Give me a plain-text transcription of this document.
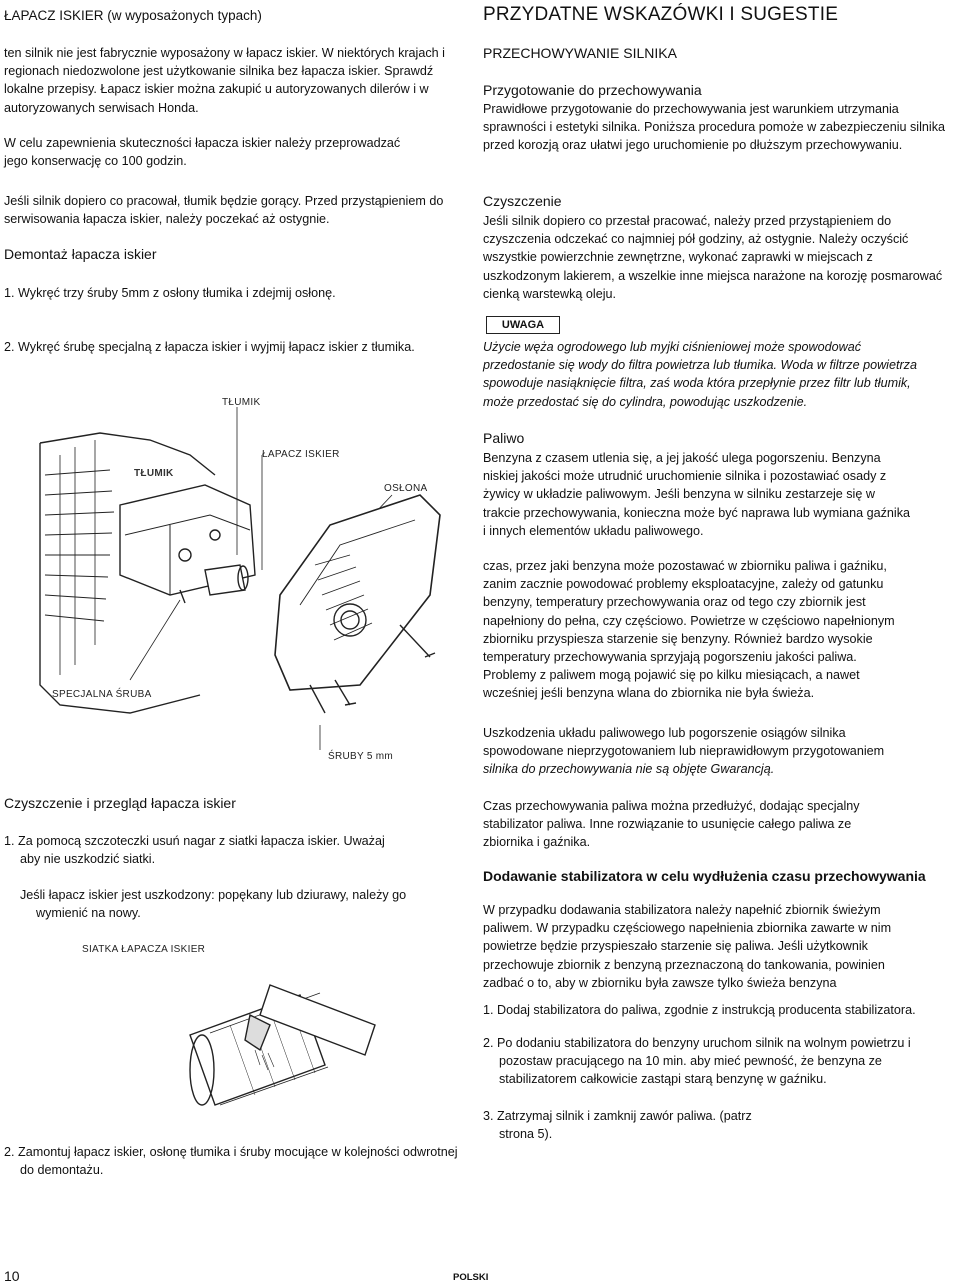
ŁAPACZ ISKIER (w wyposażonych typach)
ten silnik nie jest fabrycznie wyposażony w łapacz iskier. W niektórych krajach i regionach niedozwolone jest użytkowanie silnika bez łapacza iskier. Sprawdź lokalne przepisy. Łapacz iskier można zakupić u autoryzowanych dilerów i w autoryzowanych serwisach Honda.
W celu zapewnienia skuteczności łapacza iskier należy przeprowadzać jego konserwację co 100 godzin.
Jeśli silnik dopiero co pracował, tłumik będzie gorący. Przed przystąpieniem do serwisowania łapacza iskier, należy poczekać aż ostygnie.
Demontaż łapacza iskier
1. Wykręć trzy śruby 5mm z osłony tłumika i zdejmij osłonę.
2. Wykręć śrubę specjalną z łapacza iskier i wyjmij łapacz iskier z tłumika.
TŁUMIK
TŁUMIK
ŁAPACZ ISKIER
OSŁONA
SPECJALNA ŚRUBA
ŚRUBY 5 mm
Czyszczenie i przegląd łapacza iskier
1. Za pomocą szczoteczki usuń nagar z siatki łapacza iskier. Uważaj aby nie uszkodzić siatki.
Jeśli łapacz iskier jest uszkodzony: popękany lub dziurawy, należy go wymienić na nowy.
SIATKA ŁAPACZA ISKIER
2. Zamontuj łapacz iskier, osłonę tłumika i śruby mocujące w kolejności odwrotnej do demontażu.
PRZYDATNE WSKAZÓWKI I SUGESTIE
PRZECHOWYWANIE SILNIKA
Przygotowanie do przechowywania
Prawidłowe przygotowanie do przechowywania jest warunkiem utrzymania sprawności i estetyki silnika. Poniższa procedura pomoże w zabezpieczeniu silnika przed korozją oraz ułatwi jego uruchomienie po dłuższym przechowywaniu.
Czyszczenie
Jeśli silnik dopiero co przestał pracować, należy przed przystąpieniem do czyszczenia odczekać co najmniej pół godziny, aż ostygnie. Należy oczyścić wszystkie powierzchnie zewnętrzne, wykonać zaprawki w miejscach z uszkodzonym lakierem, a wszelkie inne miejsca narażone na korozję posmarować cienką warstewką oleju.
UWAGA
Użycie węża ogrodowego lub myjki ciśnieniowej może spowodować przedostanie się wody do filtra powietrza lub tłumika. Woda w filtrze powietrza spowoduje nasiąknięcie filtra, zaś woda która przepłynie przez filtr lub tłumik, może przedostać się do cylindra, powodując uszkodzenie.
Paliwo
Benzyna z czasem utlenia się, a jej jakość ulega pogorszeniu. Benzyna niskiej jakości może utrudnić uruchomienie silnika i pozostawiać osady z żywicy w układzie paliwowym. Jeśli benzyna w silniku zestarzeje się w trakcie przechowywania, konieczna może być naprawa lub wymiana gaźnika i innych elementów układu paliwowego.
czas, przez jaki benzyna może pozostawać w zbiorniku paliwa i gaźniku, zanim zacznie powodować problemy eksploatacyjne, zależy od gatunku benzyny, temperatury przechowywania oraz od tego czy zbiornik jest napełniony do pełna, czy częściowo. Powietrze w częściowo napełnionym zbiorniku przyspiesza starzenie się benzyny. Również bardzo wysokie temperatury przechowywania sprzyjają pogorszeniu jakości paliwa. Problemy z paliwem mogą pojawić się po kilku miesiącach, a nawet wcześniej jeśli benzyna wlana do zbiornika nie była świeża.
Uszkodzenia układu paliwowego lub pogorszenie osiągów silnika spowodowane nieprzygotowaniem lub nieprawidłowym przygotowaniem silnika do przechowywania nie są objęte Gwarancją.
Czas przechowywania paliwa można przedłużyć, dodając specjalny stabilizator paliwa. Inne rozwiązanie to usunięcie całego paliwa ze zbiornika i gaźnika.
Dodawanie stabilizatora w celu wydłużenia czasu przechowywania
W przypadku dodawania stabilizatora należy napełnić zbiornik świeżym paliwem. W przypadku częściowego napełnienia zbiornika zawarte w nim powietrze będzie przyspieszało starzenie się paliwa. Jeśli użytkownik przechowuje zbiornik z benzyną przeznaczoną do tankowania, powinien zadbać o to, aby w zbiorniku była zawsze tylko świeża benzyna
1. Dodaj stabilizatora do paliwa, zgodnie z instrukcją producenta stabilizatora.
2. Po dodaniu stabilizatora do benzyny uruchom silnik na wolnym powietrzu i pozostaw pracującego na 10 min. aby mieć pewność, że benzyna ze stabilizatorem całkowicie zastąpi starą benzynę w gaźniku.
3. Zatrzymaj silnik i zamknij zawór paliwa. (patrz strona 5).
10	POLSKI
